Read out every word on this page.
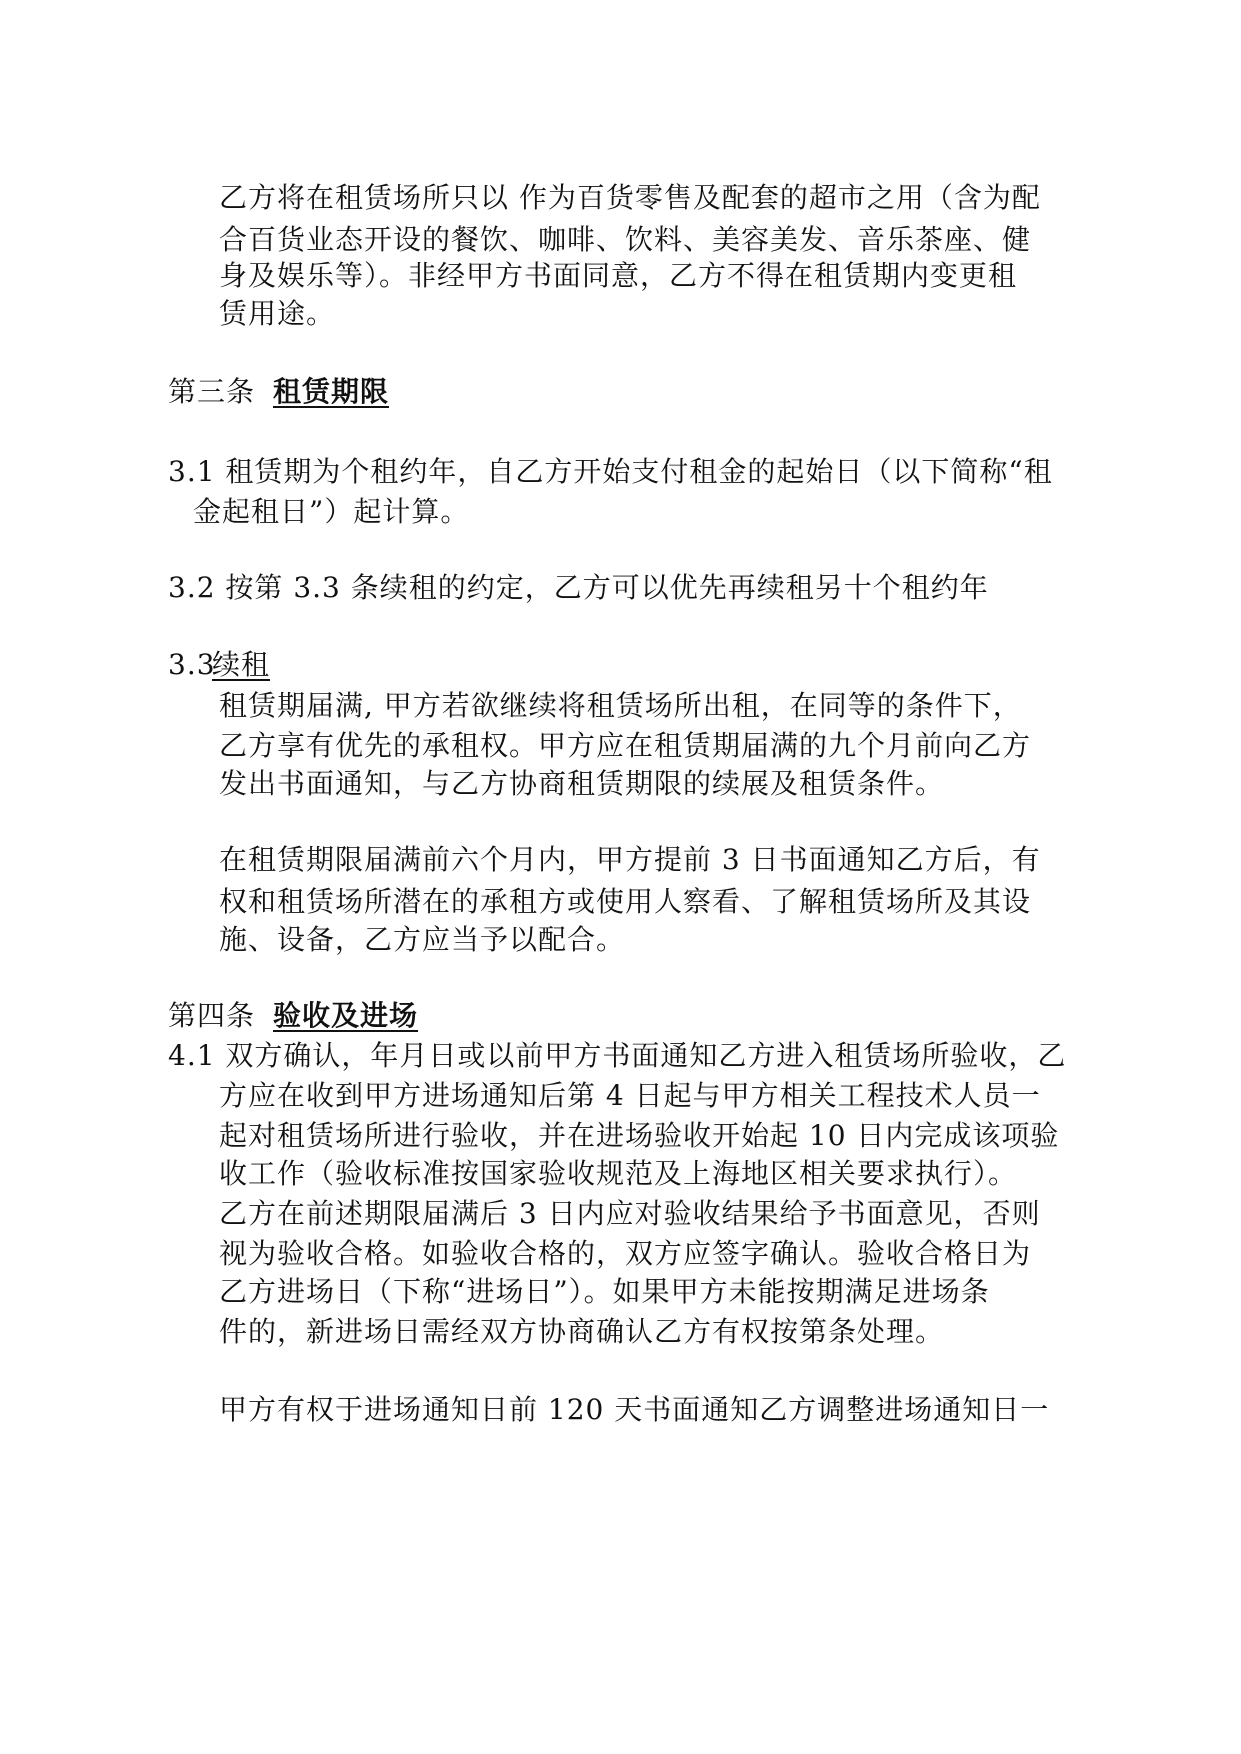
乙方将在租赁场所只以 作为百货零售及配套的超市之用（含为配
合百货业态开设的餐饮、咖啡、饮料、美容美发、音乐茶座、健
身及娱乐等）。非经甲方书面同意，乙方不得在租赁期内变更租
赁用途。
第三条 租赁期限
3.1 租赁期为个租约年，自乙方开始支付租金的起始日（以下简称“租
金起租日”）起计算。
3.2 按第 3.3 条续租的约定，乙方可以优先再续租另十个租约年
3.3
续租
租赁期届满, 甲方若欲继续将租赁场所出租，在同等的条件下，
乙方享有优先的承租权。甲方应在租赁期届满的九个月前向乙方
发出书面通知，与乙方协商租赁期限的续展及租赁条件。
在租赁期限届满前六个月内，甲方提前 3 日书面通知乙方后，有
权和租赁场所潜在的承租方或使用人察看、了解租赁场所及其设
施、设备，乙方应当予以配合。
第四条 验收及进场
4.1 双方确认，年月日或以前甲方书面通知乙方进入租赁场所验收，乙
方应在收到甲方进场通知后第 4 日起与甲方相关工程技术人员一
起对租赁场所进行验收，并在进场验收开始起 10 日内完成该项验
收工作（验收标准按国家验收规范及上海地区相关要求执行）。
乙方在前述期限届满后 3 日内应对验收结果给予书面意见，否则
视为验收合格。如验收合格的，双方应签字确认。验收合格日为
乙方进场日（下称“进场日”）。如果甲方未能按期满足进场条
件的，新进场日需经双方协商确认乙方有权按第条处理。
甲方有权于进场通知日前 120 天书面通知乙方调整进场通知日一
